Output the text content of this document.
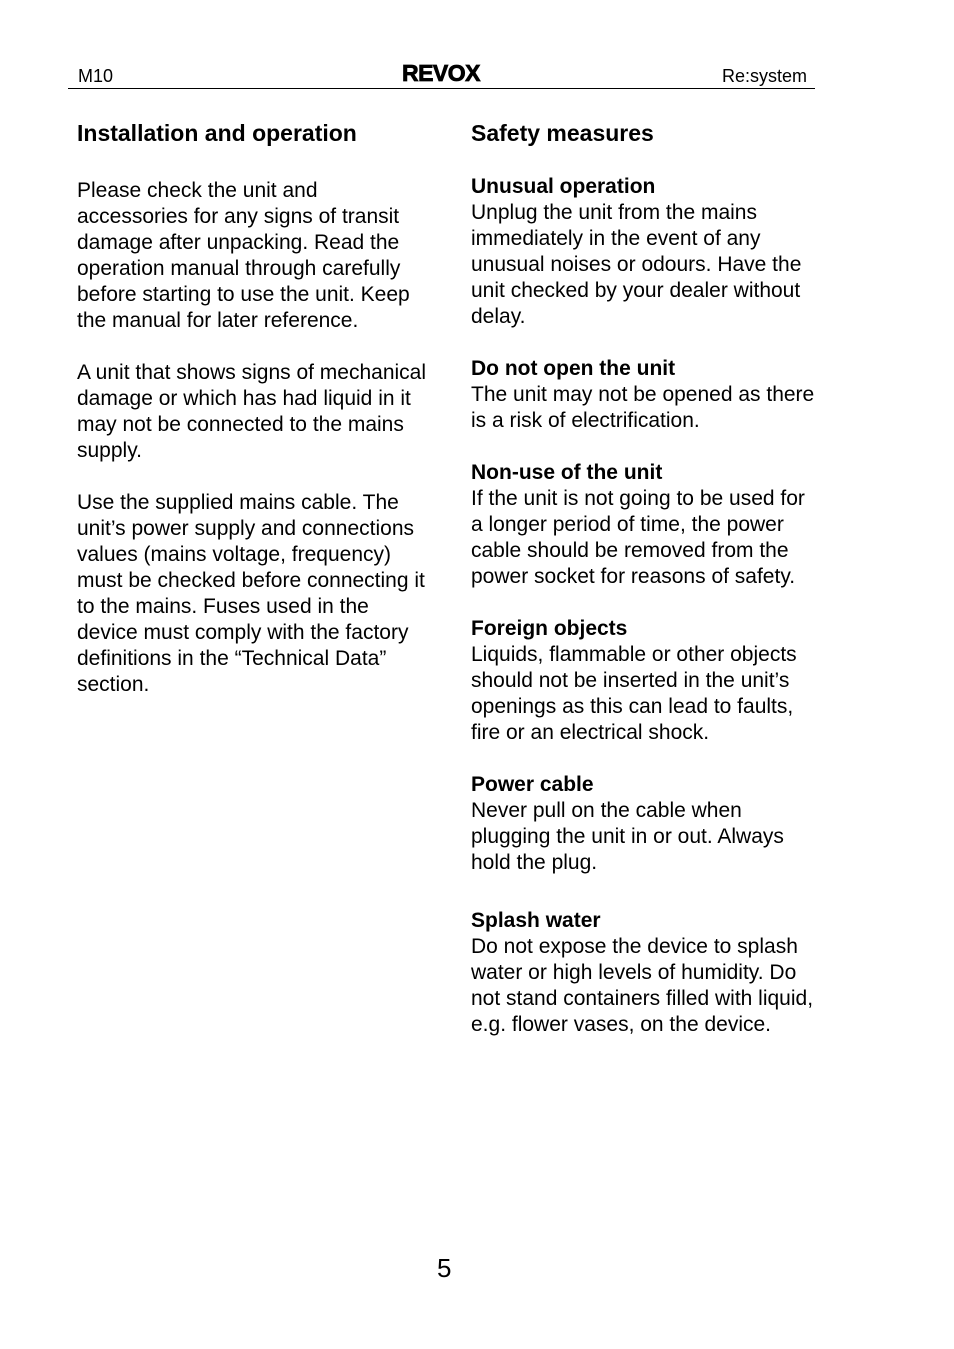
M10	REVOX	Re:system
Installation and operation

Please check the unit and accessories for any signs of transit damage after unpacking. Read the operation manual through carefully before starting to use the unit. Keep the manual for later reference.

A unit that shows signs of mechanical damage or which has had liquid in it may not be connected to the mains supply.

Use the supplied mains cable. The unit’s power supply and connections values (mains voltage, frequency) must be checked before connecting it to the mains. Fuses used in the device must comply with the factory definitions in the “Technical Data” section.

Safety measures
Unusual operation

Unplug the unit from the mains immediately in the event of any unusual noises or odours. Have the unit checked by your dealer without delay.

Do not open the unit

The unit may not be opened as there is a risk of electrification.

Non-use of the unit

If the unit is not going to be used for a longer period of time, the power cable should be removed from the power socket for reasons of safety.

Foreign objects

Liquids, flammable or other objects should not be inserted in the unit’s openings as this can lead to faults, fire or an electrical shock.

Power cable

Never pull on the cable when plugging the unit in or out. Always hold the plug.

Splash water

Do not expose the device to splash water or high levels of humidity. Do not stand containers filled with liquid, e.g. flower vases, on the device.

5
